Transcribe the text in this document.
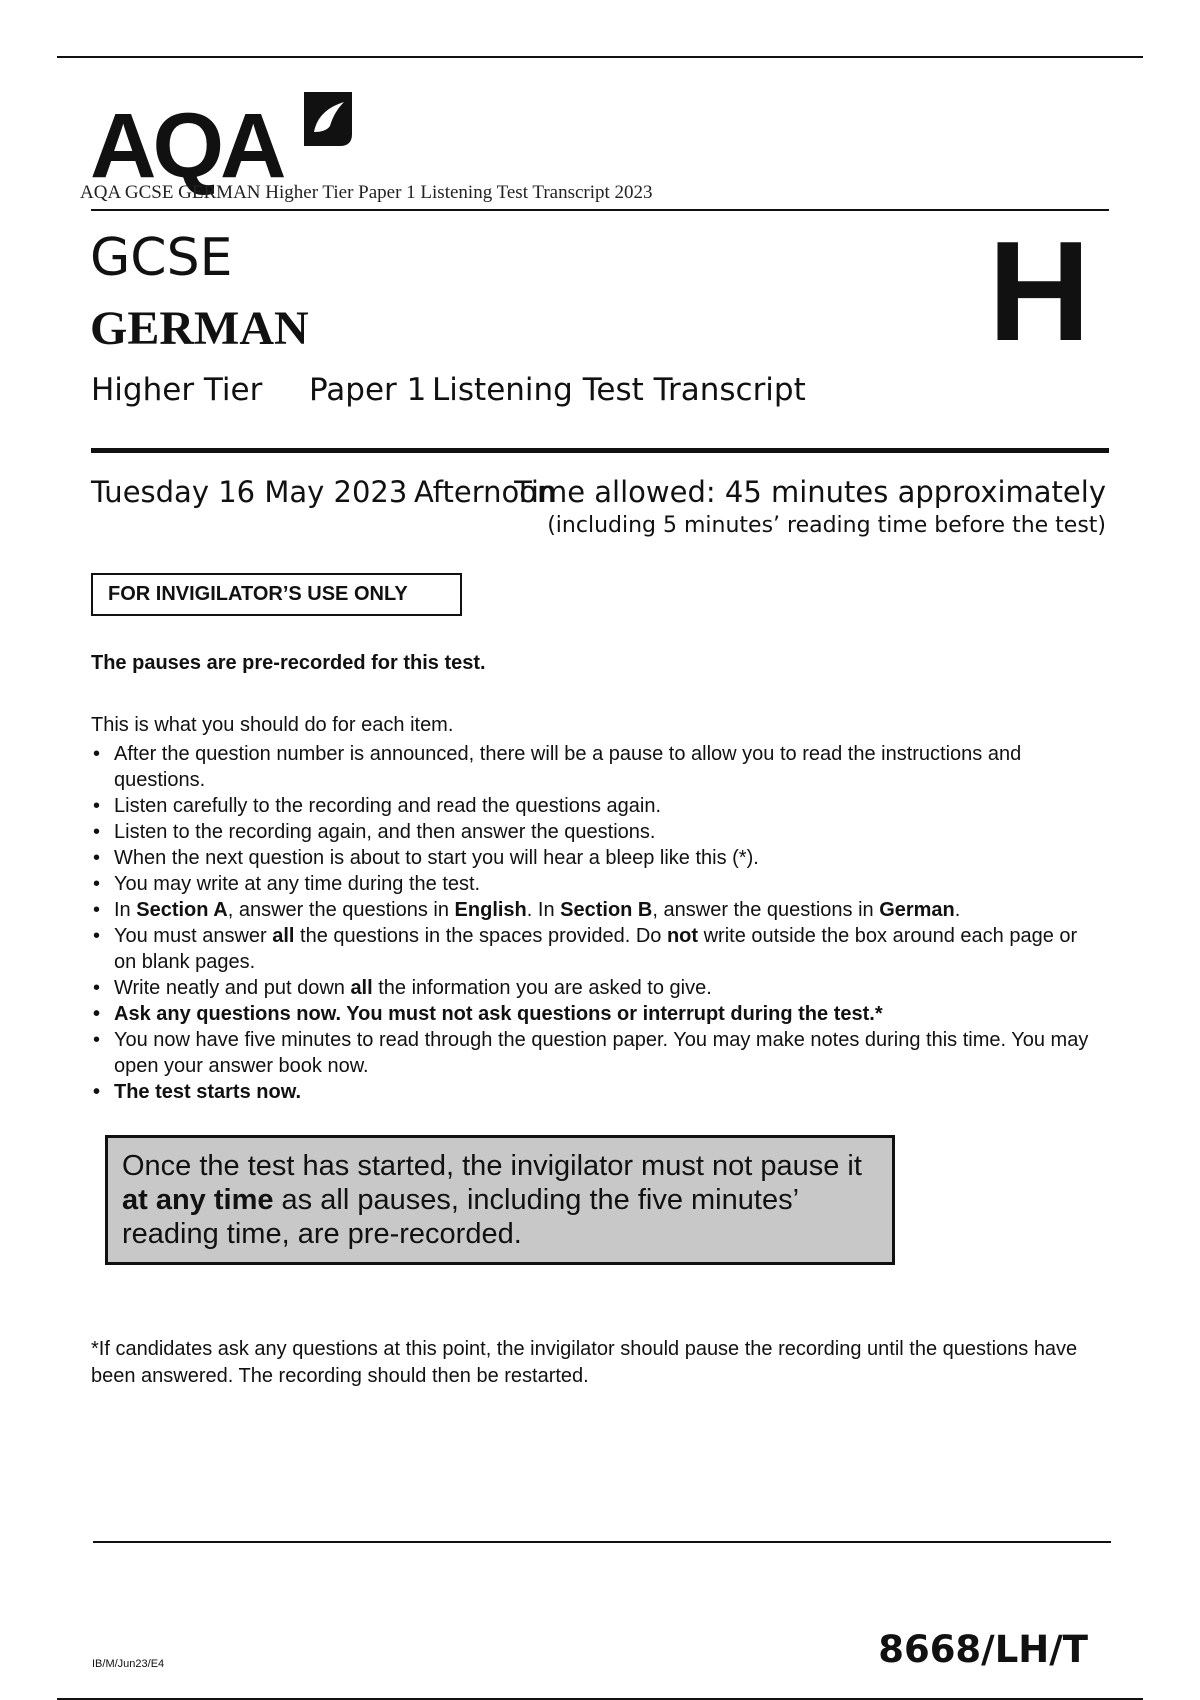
AQA
AQA GCSE GERMAN Higher Tier Paper 1 Listening Test Transcript 2023
GCSE
GERMAN	H
Higher Tier Paper 1 Listening Test Transcript
Tuesday 16 May 2023 Afternoon
Time allowed: 45 minutes approximately
(including 5 minutes’ reading time before the test)
FOR INVIGILATOR’S USE ONLY
The pauses are pre-recorded for this test.
This is what you should do for each item.
• After the question number is announced, there will be a pause to allow you to read the instructions and questions.
• Listen carefully to the recording and read the questions again.
• Listen to the recording again, and then answer the questions.
• When the next question is about to start you will hear a bleep like this (*).
• You may write at any time during the test.
• In Section A, answer the questions in English. In Section B, answer the questions in German.
• You must answer all the questions in the spaces provided. Do not write outside the box around each page or on blank pages.
• Write neatly and put down all the information you are asked to give.
• Ask any questions now. You must not ask questions or interrupt during the test.*
• You now have five minutes to read through the question paper. You may make notes during this time. You may open your answer book now.
• The test starts now.
Once the test has started, the invigilator must not pause it at any time as all pauses, including the five minutes’ reading time, are pre-recorded.
*If candidates ask any questions at this point, the invigilator should pause the recording until the questions have been answered. The recording should then be restarted.
IB/M/Jun23/E4	8668/LH/T
